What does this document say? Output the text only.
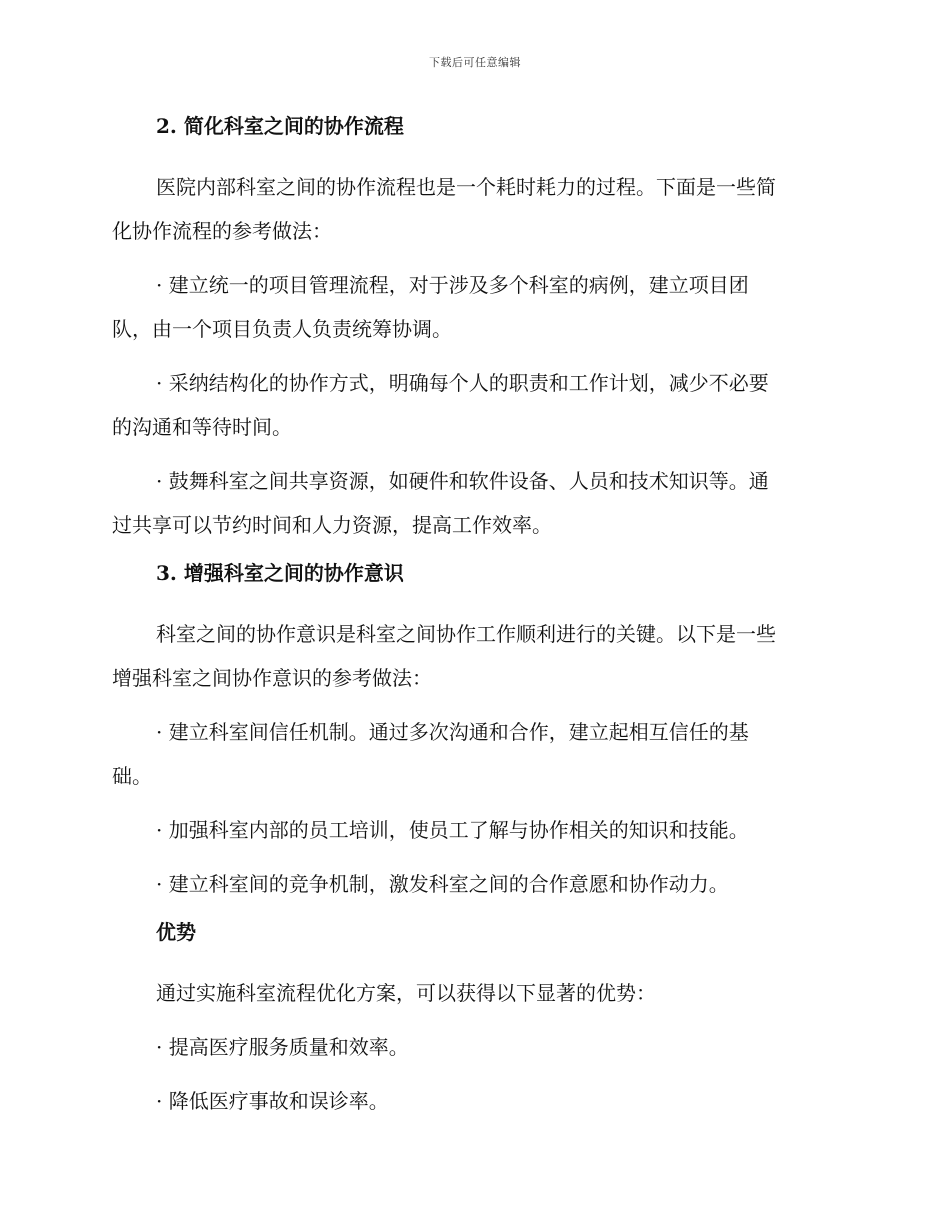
下载后可任意编辑
2. 简化科室之间的协作流程
医院内部科室之间的协作流程也是一个耗时耗力的过程。下面是一些简
化协作流程的参考做法：
· 建立统一的项目管理流程，对于涉及多个科室的病例，建立项目团
队，由一个项目负责人负责统筹协调。
· 采纳结构化的协作方式，明确每个人的职责和工作计划，减少不必要
的沟通和等待时间。
· 鼓舞科室之间共享资源，如硬件和软件设备、人员和技术知识等。通
过共享可以节约时间和人力资源，提高工作效率。
3. 增强科室之间的协作意识
科室之间的协作意识是科室之间协作工作顺利进行的关键。以下是一些
增强科室之间协作意识的参考做法：
· 建立科室间信任机制。通过多次沟通和合作，建立起相互信任的基
础。
· 加强科室内部的员工培训，使员工了解与协作相关的知识和技能。
· 建立科室间的竞争机制，激发科室之间的合作意愿和协作动力。
优势
通过实施科室流程优化方案，可以获得以下显著的优势：
· 提高医疗服务质量和效率。
· 降低医疗事故和误诊率。
